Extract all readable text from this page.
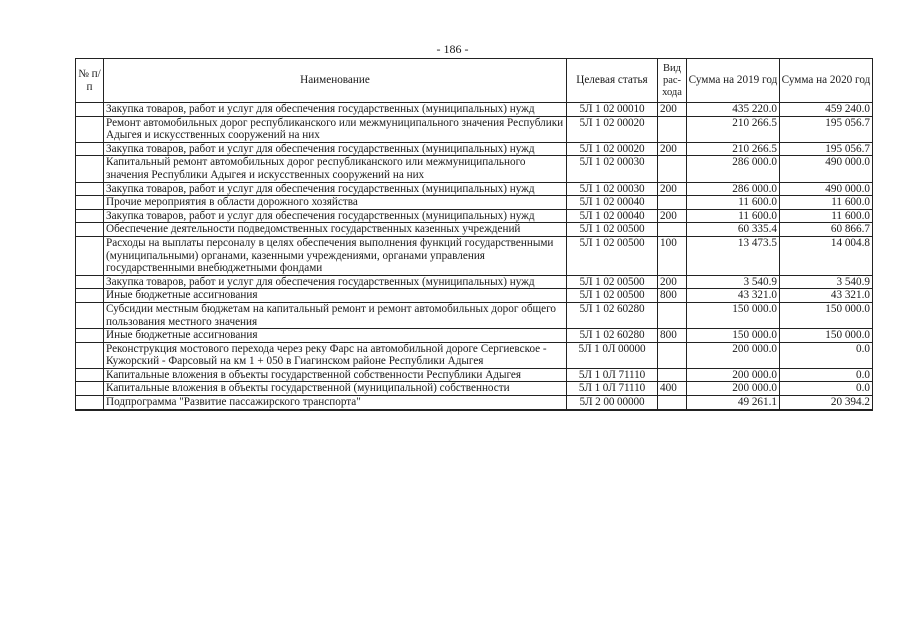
- 186 -
№ п/п	Наименование	Целевая статья	Вид рас- хода	Сумма на 2019 год	Сумма на 2020 год
	Закупка товаров, работ и услуг для обеспечения государственных (муниципальных) нужд	5Л 1 02 00010	200	435 220.0	459 240.0
	Ремонт автомобильных дорог республиканского или межмуниципального значения Республики Адыгея и искусственных сооружений на них	5Л 1 02 00020		210 266.5	195 056.7
	Закупка товаров, работ и услуг для обеспечения государственных (муниципальных) нужд	5Л 1 02 00020	200	210 266.5	195 056.7
	Капитальный ремонт автомобильных дорог республиканского или межмуниципального значения Республики Адыгея и искусственных сооружений на них	5Л 1 02 00030		286 000.0	490 000.0
	Закупка товаров, работ и услуг для обеспечения государственных (муниципальных) нужд	5Л 1 02 00030	200	286 000.0	490 000.0
	Прочие мероприятия в области дорожного хозяйства	5Л 1 02 00040		11 600.0	11 600.0
	Закупка товаров, работ и услуг для обеспечения государственных (муниципальных) нужд	5Л 1 02 00040	200	11 600.0	11 600.0
	Обеспечение деятельности подведомственных государственных казенных учреждений	5Л 1 02 00500		60 335.4	60 866.7
	Расходы на выплаты персоналу в целях обеспечения выполнения функций государственными (муниципальными) органами, казенными учреждениями, органами управления государственными внебюджетными фондами	5Л 1 02 00500	100	13 473.5	14 004.8
	Закупка товаров, работ и услуг для обеспечения государственных (муниципальных) нужд	5Л 1 02 00500	200	3 540.9	3 540.9
	Иные бюджетные ассигнования	5Л 1 02 00500	800	43 321.0	43 321.0
	Субсидии местным бюджетам на капитальный ремонт и ремонт автомобильных дорог общего пользования местного значения	5Л 1 02 60280		150 000.0	150 000.0
	Иные бюджетные ассигнования	5Л 1 02 60280	800	150 000.0	150 000.0
	Реконструкция мостового перехода через реку Фарс на автомобильной дороге Сергиевское - Кужорский - Фарсовый на км 1 + 050 в Гиагинском районе Республики Адыгея	5Л 1 0Л 00000		200 000.0	0.0
	Капитальные вложения в объекты государственной собственности Республики Адыгея	5Л 1 0Л 71110		200 000.0	0.0
	Капитальные вложения в объекты государственной (муниципальной) собственности	5Л 1 0Л 71110	400	200 000.0	0.0
	Подпрограмма "Развитие пассажирского транспорта"	5Л 2 00 00000		49 261.1	20 394.2
